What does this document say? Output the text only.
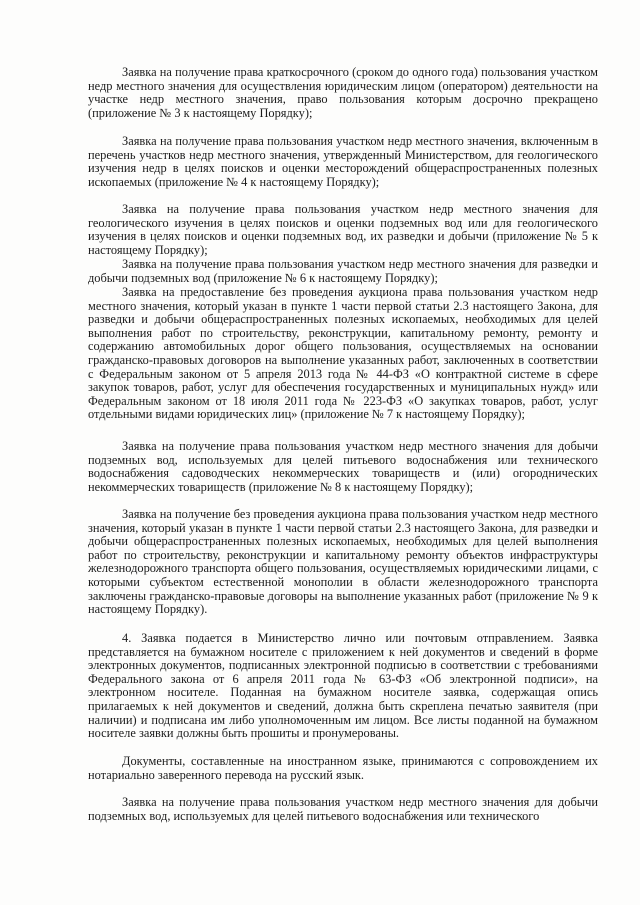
Заявка на получение права краткосрочного (сроком до одного года) пользования участком недр местного значения для осуществления юридическим лицом (оператором) деятельности на участке недр местного значения, право пользования которым досрочно прекращено (приложение № 3 к настоящему Порядку);

Заявка на получение права пользования участком недр местного значения, включенным в перечень участков недр местного значения, утвержденный Министерством, для геологического изучения недр в целях поисков и оценки месторождений общераспространенных полезных ископаемых (приложение № 4 к настоящему Порядку);

Заявка на получение права пользования участком недр местного значения для геологического изучения в целях поисков и оценки подземных вод или для геологического изучения в целях поисков и оценки подземных вод, их разведки и добычи (приложение № 5 к настоящему Порядку);

Заявка на получение права пользования участком недр местного значения для разведки и добычи подземных вод (приложение № 6 к настоящему Порядку);

Заявка на предоставление без проведения аукциона права пользования участком недр местного значения, который указан в пункте 1 части первой статьи 2.3 настоящего Закона, для разведки и добычи общераспространенных полезных ископаемых, необходимых для целей выполнения работ по строительству, реконструкции, капитальному ремонту, ремонту и содержанию автомобильных дорог общего пользования, осуществляемых на основании гражданско-правовых договоров на выполнение указанных работ, заключенных в соответствии с Федеральным законом от 5 апреля 2013 года № 44-ФЗ «О контрактной системе в сфере закупок товаров, работ, услуг для обеспечения государственных и муниципальных нужд» или Федеральным законом от 18 июля 2011 года № 223-ФЗ «О закупках товаров, работ, услуг отдельными видами юридических лиц» (приложение № 7 к настоящему Порядку);

Заявка на получение права пользования участком недр местного значения для добычи подземных вод, используемых для целей питьевого водоснабжения или технического водоснабжения садоводческих некоммерческих товариществ и (или) огороднических некоммерческих товариществ (приложение № 8 к настоящему Порядку);

Заявка на получение без проведения аукциона права пользования участком недр местного значения, который указан в пункте 1 части первой статьи 2.3 настоящего Закона, для разведки и добычи общераспространенных полезных ископаемых, необходимых для целей выполнения работ по строительству, реконструкции и капитальному ремонту объектов инфраструктуры железнодорожного транспорта общего пользования, осуществляемых юридическими лицами, с которыми субъектом естественной монополии в области железнодорожного транспорта заключены гражданско-правовые договоры на выполнение указанных работ (приложение № 9 к настоящему Порядку).

4. Заявка подается в Министерство лично или почтовым отправлением. Заявка представляется на бумажном носителе с приложением к ней документов и сведений в форме электронных документов, подписанных электронной подписью в соответствии с требованиями Федерального закона от 6 апреля 2011 года № 63-ФЗ «Об электронной подписи», на электронном носителе. Поданная на бумажном носителе заявка, содержащая опись прилагаемых к ней документов и сведений, должна быть скреплена печатью заявителя (при наличии) и подписана им либо уполномоченным им лицом. Все листы поданной на бумажном носителе заявки должны быть прошиты и пронумерованы.

Документы, составленные на иностранном языке, принимаются с сопровождением их нотариально заверенного перевода на русский язык.

Заявка на получение права пользования участком недр местного значения для добычи подземных вод, используемых для целей питьевого водоснабжения или технического
